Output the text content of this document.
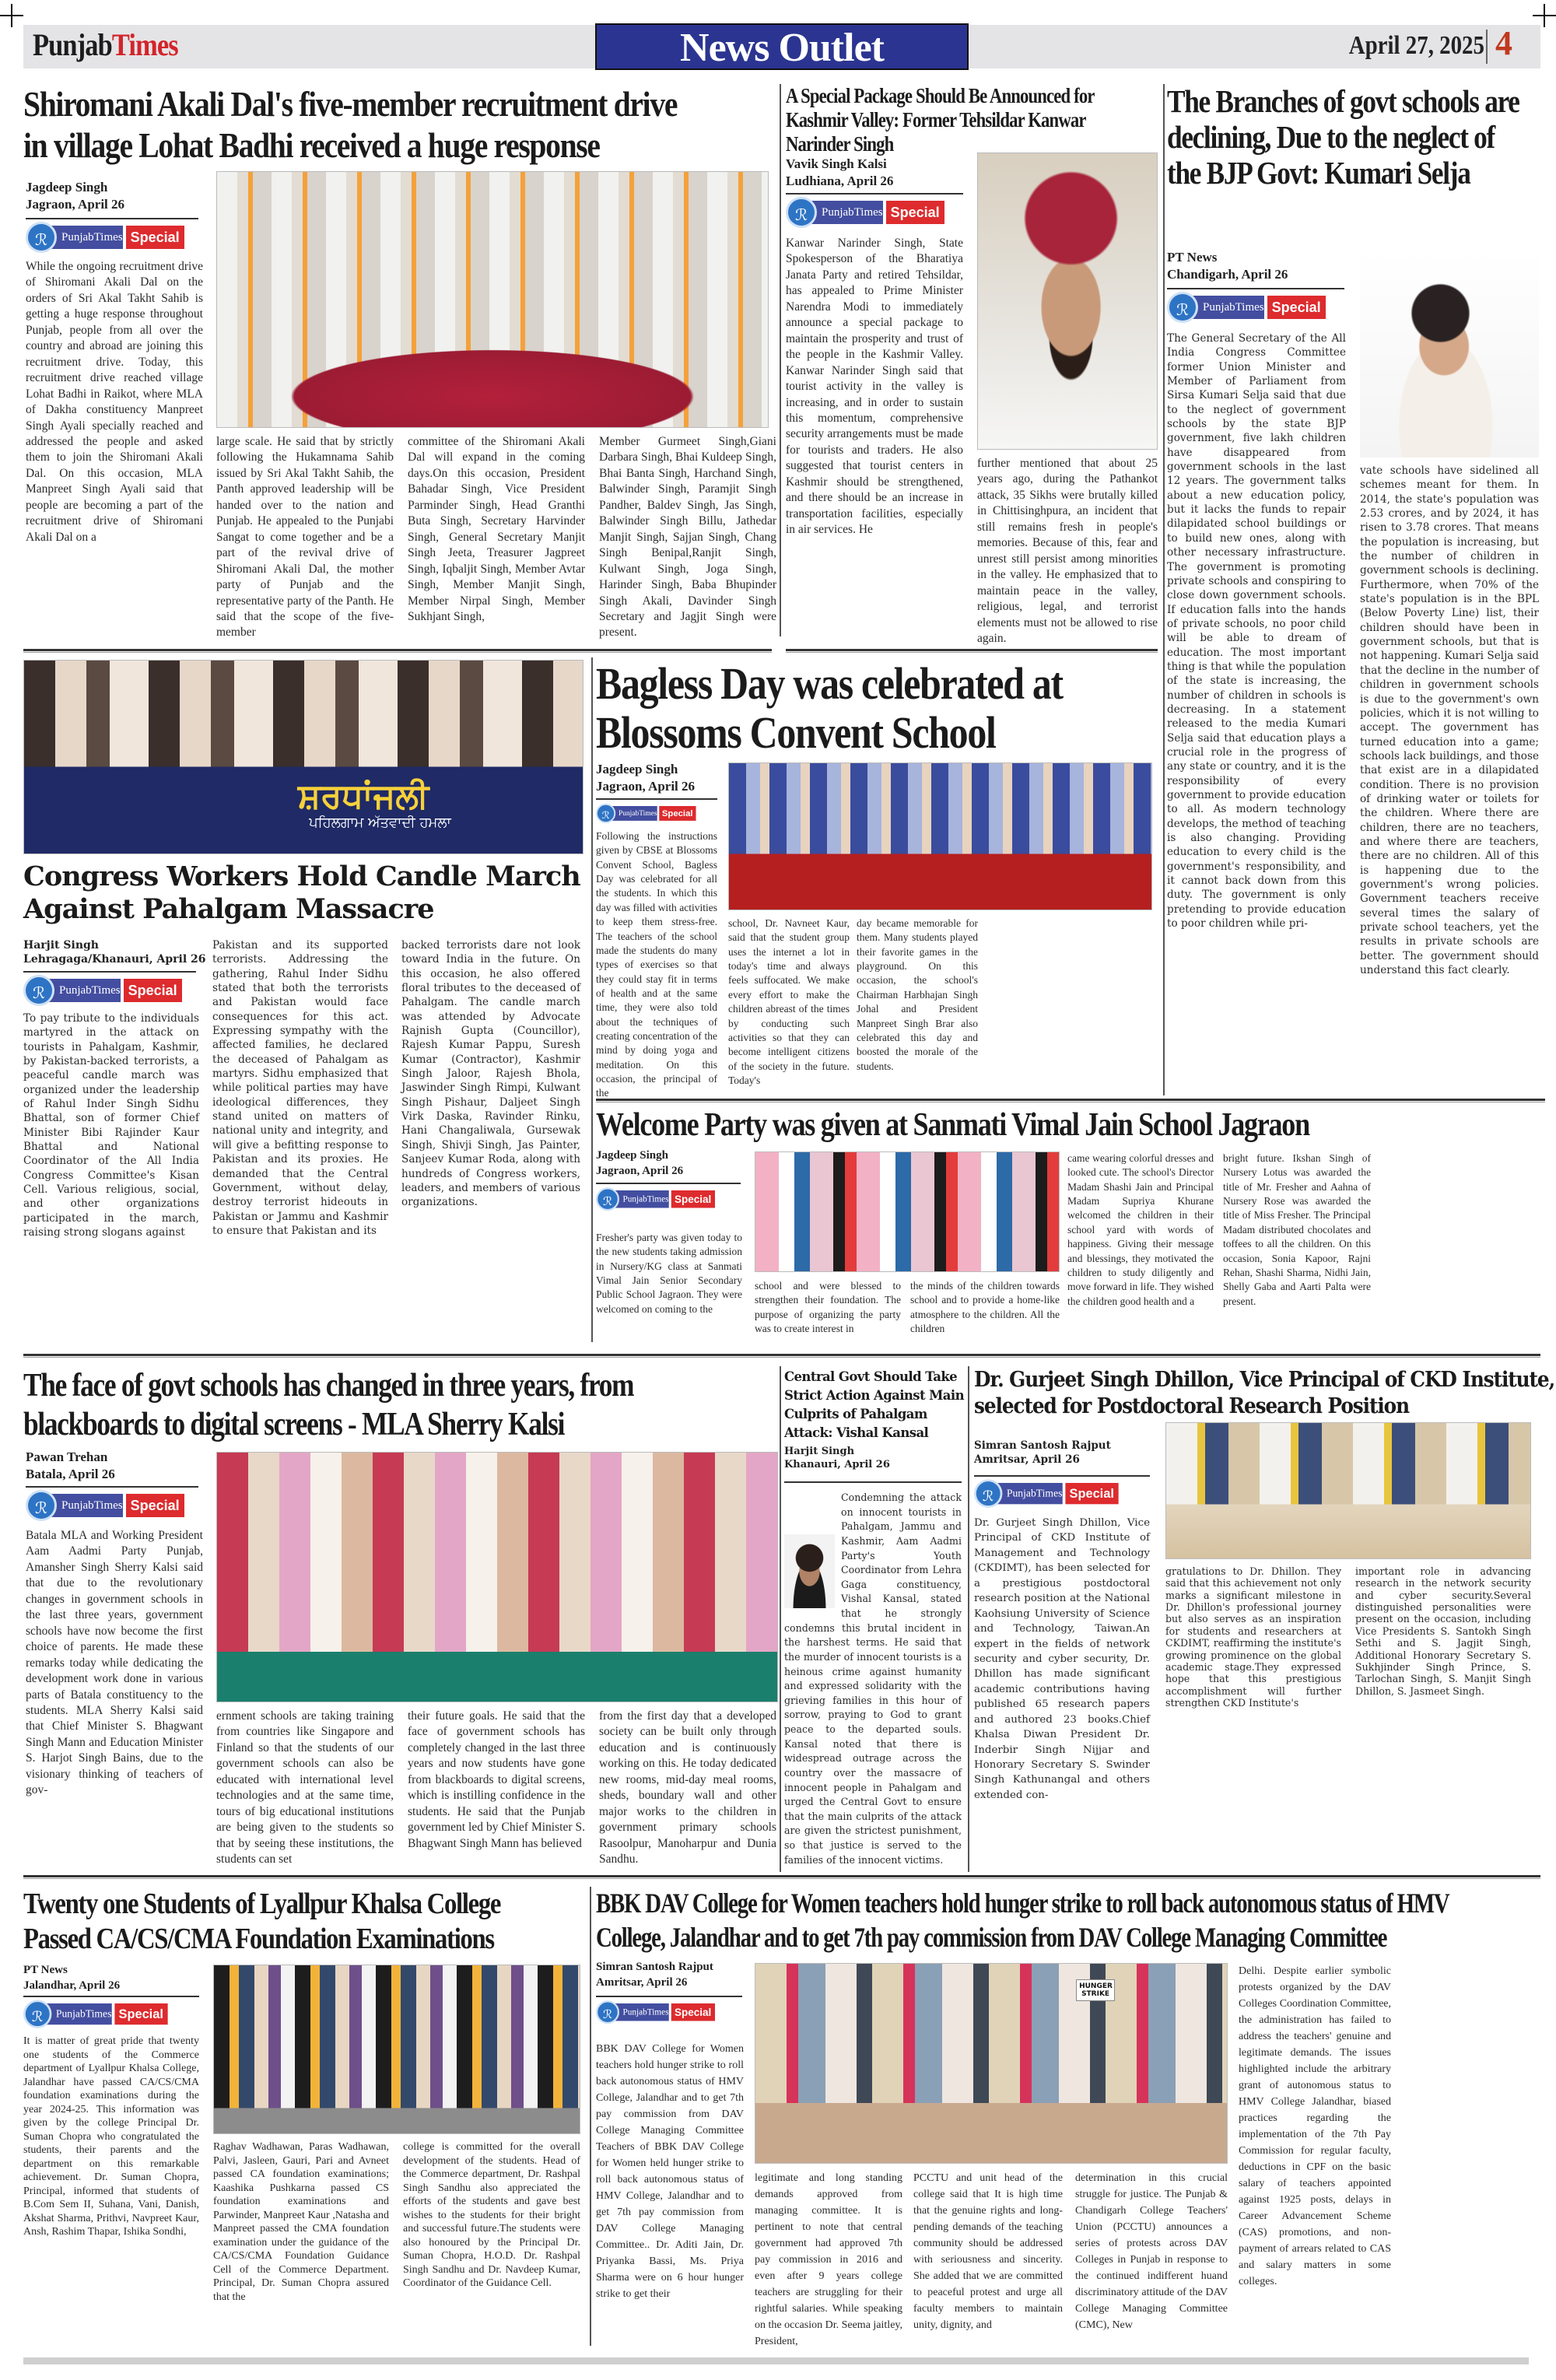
PunjabTimes	News Outlet	April 27, 2025 4
Shiromani Akali Dal's five-member recruitment drive
in village Lohat Badhi received a huge response
Jagdeep Singh
Jagraon, April 26
ℛ	PunjabTimes Special
While the ongoing recruitment drive of Shiromani Akali Dal on the orders of Sri Akal Takht Sahib is getting a huge response throughout Punjab, people from all over the country and abroad are joining this recruitment drive. Today, this recruitment drive reached village Lohat Badhi in Raikot, where MLA of Dakha constituency Manpreet Singh Ayali specially reached and addressed the people and asked them to join the Shiromani Akali Dal. On this occasion, MLA Manpreet Singh Ayali said that people are becoming a part of the recruitment drive of Shiromani Akali Dal on a
large scale. He said that by strictly following the Hukamnama Sahib issued by Sri Akal Takht Sahib, the Panth approved leadership will be handed over to the nation and Punjab. He appealed to the Punjabi Sangat to come together and be a part of the revival drive of Shiromani Akali Dal, the mother party of Punjab and the representative party of the Panth. He said that the scope of the five-member
committee of the Shiromani Akali Dal will expand in the coming days.On this occasion, President Bahadar Singh, Vice President Parminder Singh, Head Granthi Buta Singh, Secretary Harvinder Singh, General Secretary Manjit Singh Jeeta, Treasurer Jagpreet Singh, Iqbaljit Singh, Member Avtar Singh, Member Manjit Singh, Member Nirpal Singh, Member Sukhjant Singh,
Member Gurmeet Singh,Giani Darbara Singh, Bhai Kuldeep Singh, Bhai Banta Singh, Harchand Singh, Balwinder Singh, Paramjit Singh Pandher, Baldev Singh, Jas Singh, Balwinder Singh Billu, Jathedar Manjit Singh, Sajjan Singh, Chang Singh Benipal,Ranjit Singh, Kulwant Singh, Joga Singh, Harinder Singh, Baba Bhupinder Singh Akali, Davinder Singh Secretary and Jagjit Singh were present.
A Special Package Should Be Announced for Kashmir Valley: Former Tehsildar Kanwar Narinder Singh
Vavik Singh Kalsi
Ludhiana, April 26
ℛ	PunjabTimes Special
Kanwar Narinder Singh, State Spokesperson of the Bharatiya Janata Party and retired Tehsildar, has appealed to Prime Minister Narendra Modi to immediately announce a special package to maintain the prosperity and trust of the people in the Kashmir Valley. Kanwar Narinder Singh said that tourist activity in the valley is increasing, and in order to sustain this momentum, comprehensive security arrangements must be made for tourists and traders. He also suggested that tourist centers in Kashmir should be strengthened, and there should be an increase in transportation facilities, especially in air services. He
further mentioned that about 25 years ago, during the Pathankot attack, 35 Sikhs were brutally killed in Chittisinghpura, an incident that still remains fresh in people's memories. Because of this, fear and unrest still persist among minorities in the valley. He emphasized that to maintain peace in the valley, religious, legal, and terrorist elements must not be allowed to rise again.
The Branches of govt schools are declining, Due to the neglect of the BJP Govt: Kumari Selja
PT News
Chandigarh, April 26
ℛ	PunjabTimes Special
The General Secretary of the All India Congress Committee former Union Minister and Member of Parliament from Sirsa Kumari Selja said that due to the neglect of government schools by the state BJP government, five lakh children have disappeared from government schools in the last 12 years. The government talks about a new education policy, but it lacks the funds to repair dilapidated school buildings or to build new ones, along with other necessary infrastructure. The government is promoting private schools and conspiring to close down government schools. If education falls into the hands of private schools, no poor child will be able to dream of education. The most important thing is that while the population of the state is increasing, the number of children in schools is decreasing. In a statement released to the media Kumari Selja said that education plays a crucial role in the progress of any state or country, and it is the responsibility of every government to provide education to all. As modern technology develops, the method of teaching is also changing. Providing education to every child is the government's responsibility, and it cannot back down from this duty. The government is only pretending to provide education to poor children while pri-
vate schools have sidelined all schemes meant for them. In 2014, the state's population was 2.53 crores, and by 2024, it has risen to 3.78 crores. That means the population is increasing, but the number of children in government schools is declining. Furthermore, when 70% of the state's population is in the BPL (Below Poverty Line) list, their children should have been in government schools, but that is not happening. Kumari Selja said that the decline in the number of children in government schools is due to the government's own policies, which it is not willing to accept. The government has turned education into a game; schools lack buildings, and those that exist are in a dilapidated condition. There is no provision of drinking water or toilets for the children. Where there are children, there are no teachers, and where there are teachers, there are no children. All of this is happening due to the government's wrong policies. Government teachers receive several times the salary of private school teachers, yet the results in private schools are better. The government should understand this fact clearly.
ਸ਼ਰਧਾਂਜਲੀ
ਪਹਿਲਗਾਮ ਅੱਤਵਾਦੀ ਹਮਲਾ
Congress Workers Hold Candle March
Against Pahalgam Massacre
Harjit Singh
Lehragaga/Khanauri, April 26
ℛ	PunjabTimes Special
To pay tribute to the individuals martyred in the attack on tourists in Pahalgam, Kashmir, by Pakistan-backed terrorists, a peaceful candle march was organized under the leadership of Rahul Inder Singh Sidhu Bhattal, son of former Chief Minister Bibi Rajinder Kaur Bhattal and National Coordinator of the All India Congress Committee's Kisan Cell. Various religious, social, and other organizations participated in the march, raising strong slogans against
Pakistan and its supported terrorists. Addressing the gathering, Rahul Inder Sidhu stated that both the terrorists and Pakistan would face consequences for this act. Expressing sympathy with the affected families, he declared the deceased of Pahalgam as martyrs. Sidhu emphasized that while political parties may have ideological differences, they stand united on matters of national unity and integrity, and will give a befitting response to Pakistan and its proxies. He demanded that the Central Government, without delay, destroy terrorist hideouts in Pakistan or Jammu and Kashmir to ensure that Pakistan and its
backed terrorists dare not look toward India in the future. On this occasion, he also offered floral tributes to the deceased of Pahalgam. The candle march was attended by Advocate Rajnish Gupta (Councillor), Rajesh Kumar Pappu, Suresh Kumar (Contractor), Kashmir Singh Jaloor, Rajesh Bhola, Jaswinder Singh Rimpi, Kulwant Singh Pishaur, Daljeet Singh Virk Daska, Ravinder Rinku, Hani Changaliwala, Gursewak Singh, Shivji Singh, Jas Painter, Sanjeev Kumar Roda, along with hundreds of Congress workers, leaders, and members of various organizations.
Bagless Day was celebrated at
Blossoms Convent School
Jagdeep Singh
Jagraon, April 26
ℛ PunjabTimes Special
Following the instructions given by CBSE at Blossoms Convent School, Bagless Day was celebrated for all the students. In which this day was filled with activities to keep them stress-free. The teachers of the school made the students do many types of exercises so that they could stay fit in terms of health and at the same time, they were also told about the techniques of creating concentration of the mind by doing yoga and meditation. On this occasion, the principal of the
school, Dr. Navneet Kaur, said that the student group uses the internet a lot in today's time and always feels suffocated. We make every effort to make the children abreast of the times by conducting such activities so that they can become intelligent citizens of the society in the future. Today's
day became memorable for them. Many students played their favorite games in the playground. On this occasion, the school's Chairman Harbhajan Singh Johal and President Manpreet Singh Brar also celebrated this day and boosted the morale of the students.
Welcome Party was given at Sanmati Vimal Jain School Jagraon
Jagdeep Singh
Jagraon, April 26
ℛ PunjabTimes Special
Fresher's party was given today to the new students taking admission in Nursery/KG class at Sanmati Vimal Jain Senior Secondary Public School Jagraon. They were welcomed on coming to the
school and were blessed to strengthen their foundation. The purpose of organizing the party was to create interest in
the minds of the children towards school and to provide a home-like atmosphere to the children. All the children
came wearing colorful dresses and looked cute. The school's Director Madam Shashi Jain and Principal Madam Supriya Khurane welcomed the children in their school yard with words of happiness. Giving their message and blessings, they motivated the children to study diligently and move forward in life. They wished the children good health and a
bright future. Ikshan Singh of Nursery Lotus was awarded the title of Mr. Fresher and Aahna of Nursery Rose was awarded the title of Miss Fresher. The Principal Madam distributed chocolates and toffees to all the children. On this occasion, Sonia Kapoor, Rajni Rehan, Shashi Sharma, Nidhi Jain, Shelly Gaba and Aarti Palta were present.
The face of govt schools has changed in three years, from
blackboards to digital screens - MLA Sherry Kalsi
Pawan Trehan
Batala, April 26
ℛ	PunjabTimes Special
Batala MLA and Working President Aam Aadmi Party Punjab, Amansher Singh Sherry Kalsi said that due to the revolutionary changes in government schools in the last three years, government schools have now become the first choice of parents. He made these remarks today while dedicating the development work done in various parts of Batala constituency to the students. MLA Sherry Kalsi said that Chief Minister S. Bhagwant Singh Mann and Education Minister S. Harjot Singh Bains, due to the visionary thinking of teachers of gov-
ernment schools are taking training from countries like Singapore and Finland so that the students of our government schools can also be educated with international level technologies and at the same time, tours of big educational institutions are being given to the students so that by seeing these institutions, the students can set
their future goals. He said that the face of government schools has completely changed in the last three years and now students have gone from blackboards to digital screens, which is instilling confidence in the students. He said that the Punjab government led by Chief Minister S. Bhagwant Singh Mann has believed
from the first day that a developed society can be built only through education and is continuously working on this. He today dedicated new rooms, mid-day meal rooms, sheds, boundary wall and other major works to the children in government primary schools Rasoolpur, Manoharpur and Dunia Sandhu.
Central Govt Should Take Strict Action Against Main Culprits of Pahalgam Attack: Vishal Kansal
Harjit Singh
Khanauri, April 26
Condemning the attack on innocent tourists in Pahalgam, Jammu and Kashmir, Aam Aadmi Party's Youth Coordinator from Lehra Gaga constituency, Vishal Kansal, stated that he strongly condemns this brutal incident in the harshest terms. He said that the murder of innocent tourists is a heinous crime against humanity and expressed solidarity with the grieving families in this hour of sorrow, praying to God to grant peace to the departed souls. Kansal noted that there is widespread outrage across the country over the massacre of innocent people in Pahalgam and urged the Central Govt to ensure that the main culprits of the attack are given the strictest punishment, so that justice is served to the families of the innocent victims.
Dr. Gurjeet Singh Dhillon, Vice Principal of CKD Institute,
selected for Postdoctoral Research Position
Simran Santosh Rajput
Amritsar, April 26
ℛ	PunjabTimes Special
Dr. Gurjeet Singh Dhillon, Vice Principal of CKD Institute of Management and Technology (CKDIMT), has been selected for a prestigious postdoctoral research position at the National Kaohsiung University of Science and Technology, Taiwan.An expert in the fields of network security and cyber security, Dr. Dhillon has made significant academic contributions having published 65 research papers and authored 23 books.Chief Khalsa Diwan President Dr. Inderbir Singh Nijjar and Honorary Secretary S. Swinder Singh Kathunangal and others extended con-
gratulations to Dr. Dhillon. They said that this achievement not only marks a significant milestone in Dr. Dhillon's professional journey but also serves as an inspiration for students and researchers at CKDIMT, reaffirming the institute's growing prominence on the global academic stage.They expressed hope that this prestigious accomplishment will further strengthen CKD Institute's
important role in advancing research in the network security and cyber security.Several distinguished personalities were present on the occasion, including Vice Presidents S. Santokh Singh Sethi and S. Jagjit Singh, Additional Honorary Secretary S. Sukhjinder Singh Prince, S. Tarlochan Singh, S. Manjit Singh Dhillon, S. Jasmeet Singh.
Twenty one Students of Lyallpur Khalsa College
Passed CA/CS/CMA Foundation Examinations
PT News
Jalandhar, April 26
ℛ	PunjabTimes Special
It is matter of great pride that twenty one students of the Commerce department of Lyallpur Khalsa College, Jalandhar have passed CA/CS/CMA foundation examinations during the year 2024-25. This information was given by the college Principal Dr. Suman Chopra who congratulated the students, their parents and the department on this remarkable achievement. Dr. Suman Chopra, Principal, informed that students of B.Com Sem II, Suhana, Vani, Danish, Akshat Sharma, Prithvi, Navpreet Kaur, Ansh, Rashim Thapar, Ishika Sondhi,
Raghav Wadhawan, Paras Wadhawan, Palvi, Jasleen, Gauri, Pari and Avneet passed CA foundation examinations; Kaashika Pushkarna passed CS foundation examinations and Parwinder, Manpreet Kaur ,Natasha and Manpreet passed the CMA foundation examination under the guidance of the CA/CS/CMA Foundation Guidance Cell of the Commerce Department. Principal, Dr. Suman Chopra assured that the
college is committed for the overall development of the students. Head of the Commerce department, Dr. Rashpal Singh Sandhu also appreciated the efforts of the students and gave best wishes to the students for their bright and successful future.The students were also honoured by the Principal Dr. Suman Chopra, H.O.D. Dr. Rashpal Singh Sandhu and Dr. Navdeep Kumar, Coordinator of the Guidance Cell.
BBK DAV College for Women teachers hold hunger strike to roll back autonomous status of HMV
College, Jalandhar and to get 7th pay commission from DAV College Managing Committee
Simran Santosh Rajput
Amritsar, April 26
ℛ PunjabTimes Special
BBK DAV College for Women teachers hold hunger strike to roll back autonomous status of HMV College, Jalandhar and to get 7th pay commission from DAV College Managing Committee Teachers of BBK DAV College for Women held hunger strike to roll back autonomous status of HMV College, Jalandhar and to get 7th pay commission from DAV College Managing Committee.. Dr. Aditi Jain, Dr. Priyanka Bassi, Ms. Priya Sharma were on 6 hour hunger strike to get their
HUNGER STRIKE
legitimate and long standing demands approved from managing committee. It is pertinent to note that central government had approved 7th pay commission in 2016 and even after 9 years college teachers are struggling for their rightful salaries. While speaking on the occasion Dr. Seema jaitley, President,
PCCTU and unit head of the college said that It is high time that the genuine rights and long-pending demands of the teaching community should be addressed with seriousness and sincerity. She added that we are committed to peaceful protest and urge all faculty members to maintain unity, dignity, and
determination in this crucial struggle for justice. The Punjab & Chandigarh College Teachers' Union (PCCTU) announces a series of protests across DAV Colleges in Punjab in response to the continued indifferent huand discriminatory attitude of the DAV College Managing Committee (CMC), New
Delhi. Despite earlier symbolic protests organized by the DAV Colleges Coordination Committee, the administration has failed to address the teachers' genuine and legitimate demands. The issues highlighted include the arbitrary grant of autonomous status to HMV College Jalandhar, biased practices regarding the implementation of the 7th Pay Commission for regular faculty, deductions in CPF on the basic salary of teachers appointed against 1925 posts, delays in Career Advancement Scheme (CAS) promotions, and non-payment of arrears related to CAS and salary matters in some colleges.
